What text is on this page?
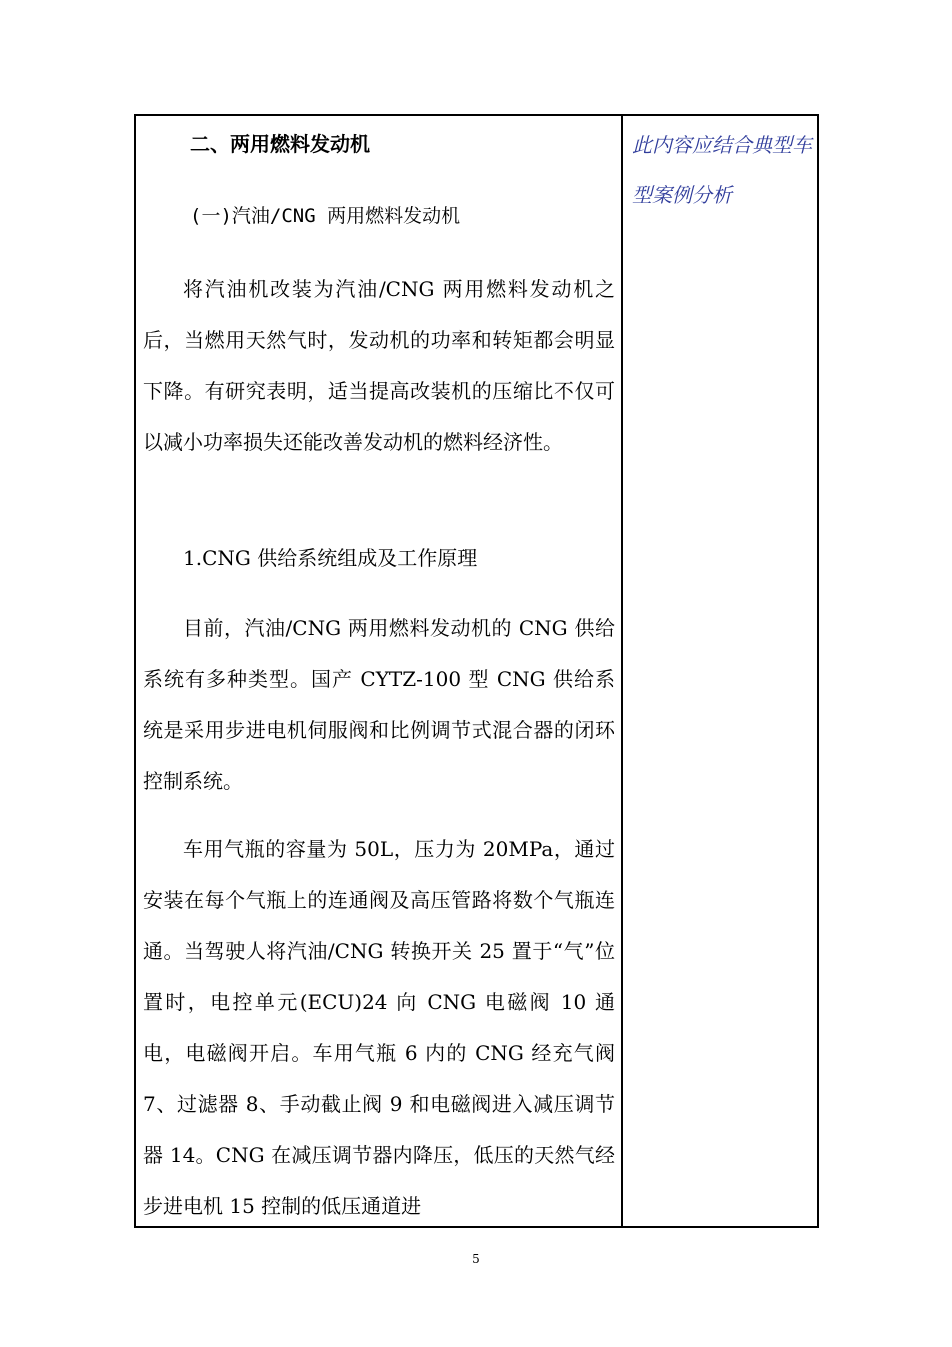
二、两用燃料发动机
(一)汽油/CNG 两用燃料发动机

将汽油机改装为汽油/CNG 两用燃料发动机之后，当燃用天然气时，发动机的功率和转矩都会明显下降。有研究表明，适当提高改装机的压缩比不仅可以减小功率损失还能改善发动机的燃料经济性。

1.CNG 供给系统组成及工作原理

目前，汽油/CNG 两用燃料发动机的 CNG 供给系统有多种类型。国产 CYTZ-100 型 CNG 供给系统是采用步进电机伺服阀和比例调节式混合器的闭环控制系统。

车用气瓶的容量为 50L，压力为 20MPa，通过安装在每个气瓶上的连通阀及高压管路将数个气瓶连通。当驾驶人将汽油/CNG 转换开关 25 置于“气”位置时，电控单元(ECU)24 向 CNG 电磁阀 10 通电，电磁阀开启。车用气瓶 6 内的 CNG 经充气阀 7、过滤器 8、手动截止阀 9 和电磁阀进入减压调节器 14。CNG 在减压调节器内降压，低压的天然气经步进电机 15 控制的低压通道进

此内容应结合典型车型案例分析

5
